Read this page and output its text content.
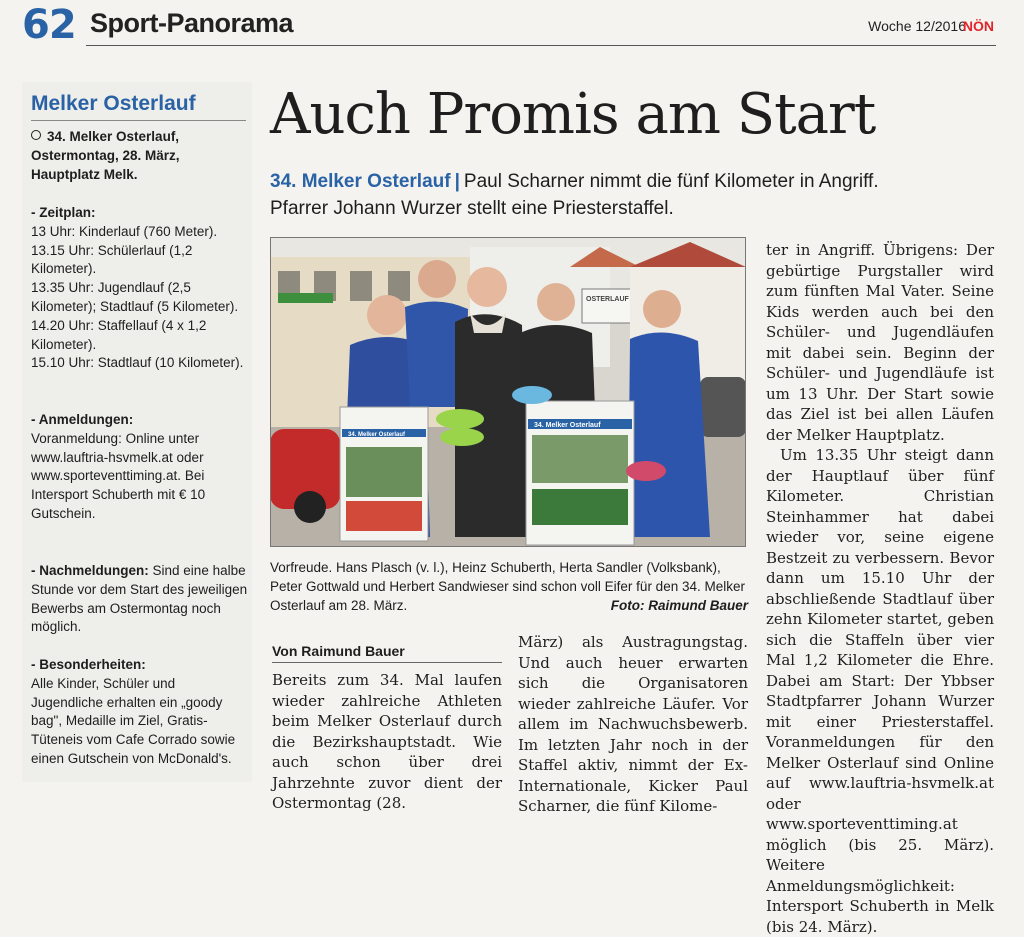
62 Sport-Panorama	Woche 12/2016
NÖN
Melker Osterlauf
34. Melker Osterlauf, Ostermontag, 28. März, Hauptplatz Melk.
- Zeitplan:
13 Uhr: Kinderlauf (760 Meter).
13.15 Uhr: Schülerlauf (1,2 Kilometer).
13.35 Uhr: Jugendlauf (2,5 Kilometer); Stadtlauf (5 Kilometer).
14.20 Uhr: Staffellauf (4 x 1,2 Kilometer).
15.10 Uhr: Stadtlauf (10 Kilometer).
- Anmeldungen:
Voranmeldung: Online unter www.lauftria-hsvmelk.at oder www.sporteventtiming.at. Bei Intersport Schuberth mit € 10 Gutschein.
- Nachmeldungen: Sind eine halbe Stunde vor dem Start des jeweiligen Bewerbs am Ostermontag noch möglich.
- Besonderheiten:
Alle Kinder, Schüler und Jugendliche erhalten ein „goody bag", Medaille im Ziel, Gratis-Tüteneis vom Cafe Corrado sowie einen Gutschein von McDonald's.
Auch Promis am Start
34. Melker Osterlauf | Paul Scharner nimmt die fünf Kilometer in Angriff. Pfarrer Johann Wurzer stellt eine Priesterstaffel.
OSTERLAUF
34. Melker Osterlauf
34. Melker Osterlauf
Vorfreude. Hans Plasch (v. l.), Heinz Schuberth, Herta Sandler (Volksbank), Peter Gottwald und Herbert Sandwieser sind schon voll Eifer für den 34. Melker Osterlauf am 28. März.	Foto: Raimund Bauer
Von Raimund Bauer

Bereits zum 34. Mal laufen wieder zahlreiche Athleten beim Melker Osterlauf durch die Bezirkshauptstadt. Wie auch schon über drei Jahrzehnte zuvor dient der Ostermontag (28.

März) als Austragungstag. Und auch heuer erwarten sich die Organisatoren wieder zahlreiche Läufer. Vor allem im Nachwuchsbewerb. Im letzten Jahr noch in der Staffel aktiv, nimmt der Ex-Internationale, Kicker Paul Scharner, die fünf Kilome-

ter in Angriff. Übrigens: Der gebürtige Purgstaller wird zum fünften Mal Vater. Seine Kids werden auch bei den Schüler- und Jugendläufen mit dabei sein. Beginn der Schüler- und Jugendläufe ist um 13 Uhr. Der Start sowie das Ziel ist bei allen Läufen der Melker Hauptplatz.

Um 13.35 Uhr steigt dann der Hauptlauf über fünf Kilometer. Christian Steinhammer hat dabei wieder vor, seine eigene Bestzeit zu verbessern. Bevor dann um 15.10 Uhr der abschließende Stadtlauf über zehn Kilometer startet, geben sich die Staffeln über vier Mal 1,2 Kilometer die Ehre. Dabei am Start: Der Ybbser Stadtpfarrer Johann Wurzer mit einer Priesterstaffel. Voranmeldungen für den Melker Osterlauf sind Online auf www.lauftria-hsvmelk.at oder www.sporteventtiming.at möglich (bis 25. März). Weitere Anmeldungsmöglichkeit: Intersport Schuberth in Melk (bis 24. März).
